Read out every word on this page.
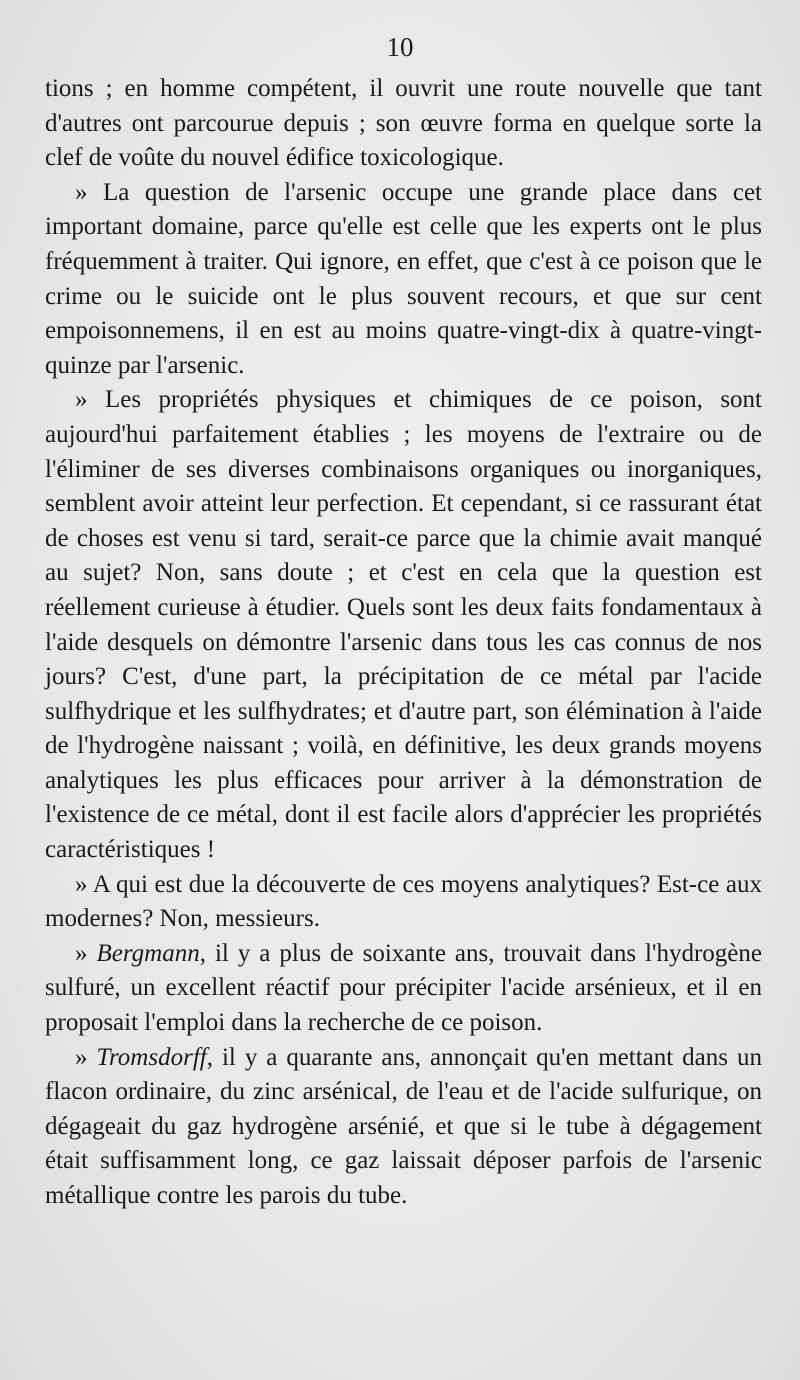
10

tions ; en homme compétent, il ouvrit une route nouvelle que tant d'autres ont parcourue depuis ; son œuvre forma en quelque sorte la clef de voûte du nouvel édifice toxicologique.

» La question de l'arsenic occupe une grande place dans cet important domaine, parce qu'elle est celle que les experts ont le plus fréquemment à traiter. Qui ignore, en effet, que c'est à ce poison que le crime ou le suicide ont le plus souvent recours, et que sur cent empoisonnemens, il en est au moins quatre-vingt-dix à quatre-vingt-quinze par l'arsenic.

» Les propriétés physiques et chimiques de ce poison, sont aujourd'hui parfaitement établies ; les moyens de l'extraire ou de l'éliminer de ses diverses combinaisons organiques ou inorganiques, semblent avoir atteint leur perfection. Et cependant, si ce rassurant état de choses est venu si tard, serait-ce parce que la chimie avait manqué au sujet? Non, sans doute ; et c'est en cela que la question est réellement curieuse à étudier. Quels sont les deux faits fondamentaux à l'aide desquels on démontre l'arsenic dans tous les cas connus de nos jours? C'est, d'une part, la précipitation de ce métal par l'acide sulfhydrique et les sulfhydrates; et d'autre part, son élémination à l'aide de l'hydrogène naissant ; voilà, en définitive, les deux grands moyens analytiques les plus efficaces pour arriver à la démonstration de l'existence de ce métal, dont il est facile alors d'apprécier les propriétés caractéristiques !

» A qui est due la découverte de ces moyens analytiques? Est-ce aux modernes? Non, messieurs.

» Bergmann, il y a plus de soixante ans, trouvait dans l'hydrogène sulfuré, un excellent réactif pour précipiter l'acide arsénieux, et il en proposait l'emploi dans la recherche de ce poison.

» Tromsdorff, il y a quarante ans, annonçait qu'en mettant dans un flacon ordinaire, du zinc arsénical, de l'eau et de l'acide sulfurique, on dégageait du gaz hydrogène arsénié, et que si le tube à dégagement était suffisamment long, ce gaz laissait déposer parfois de l'arsenic métallique contre les parois du tube.
